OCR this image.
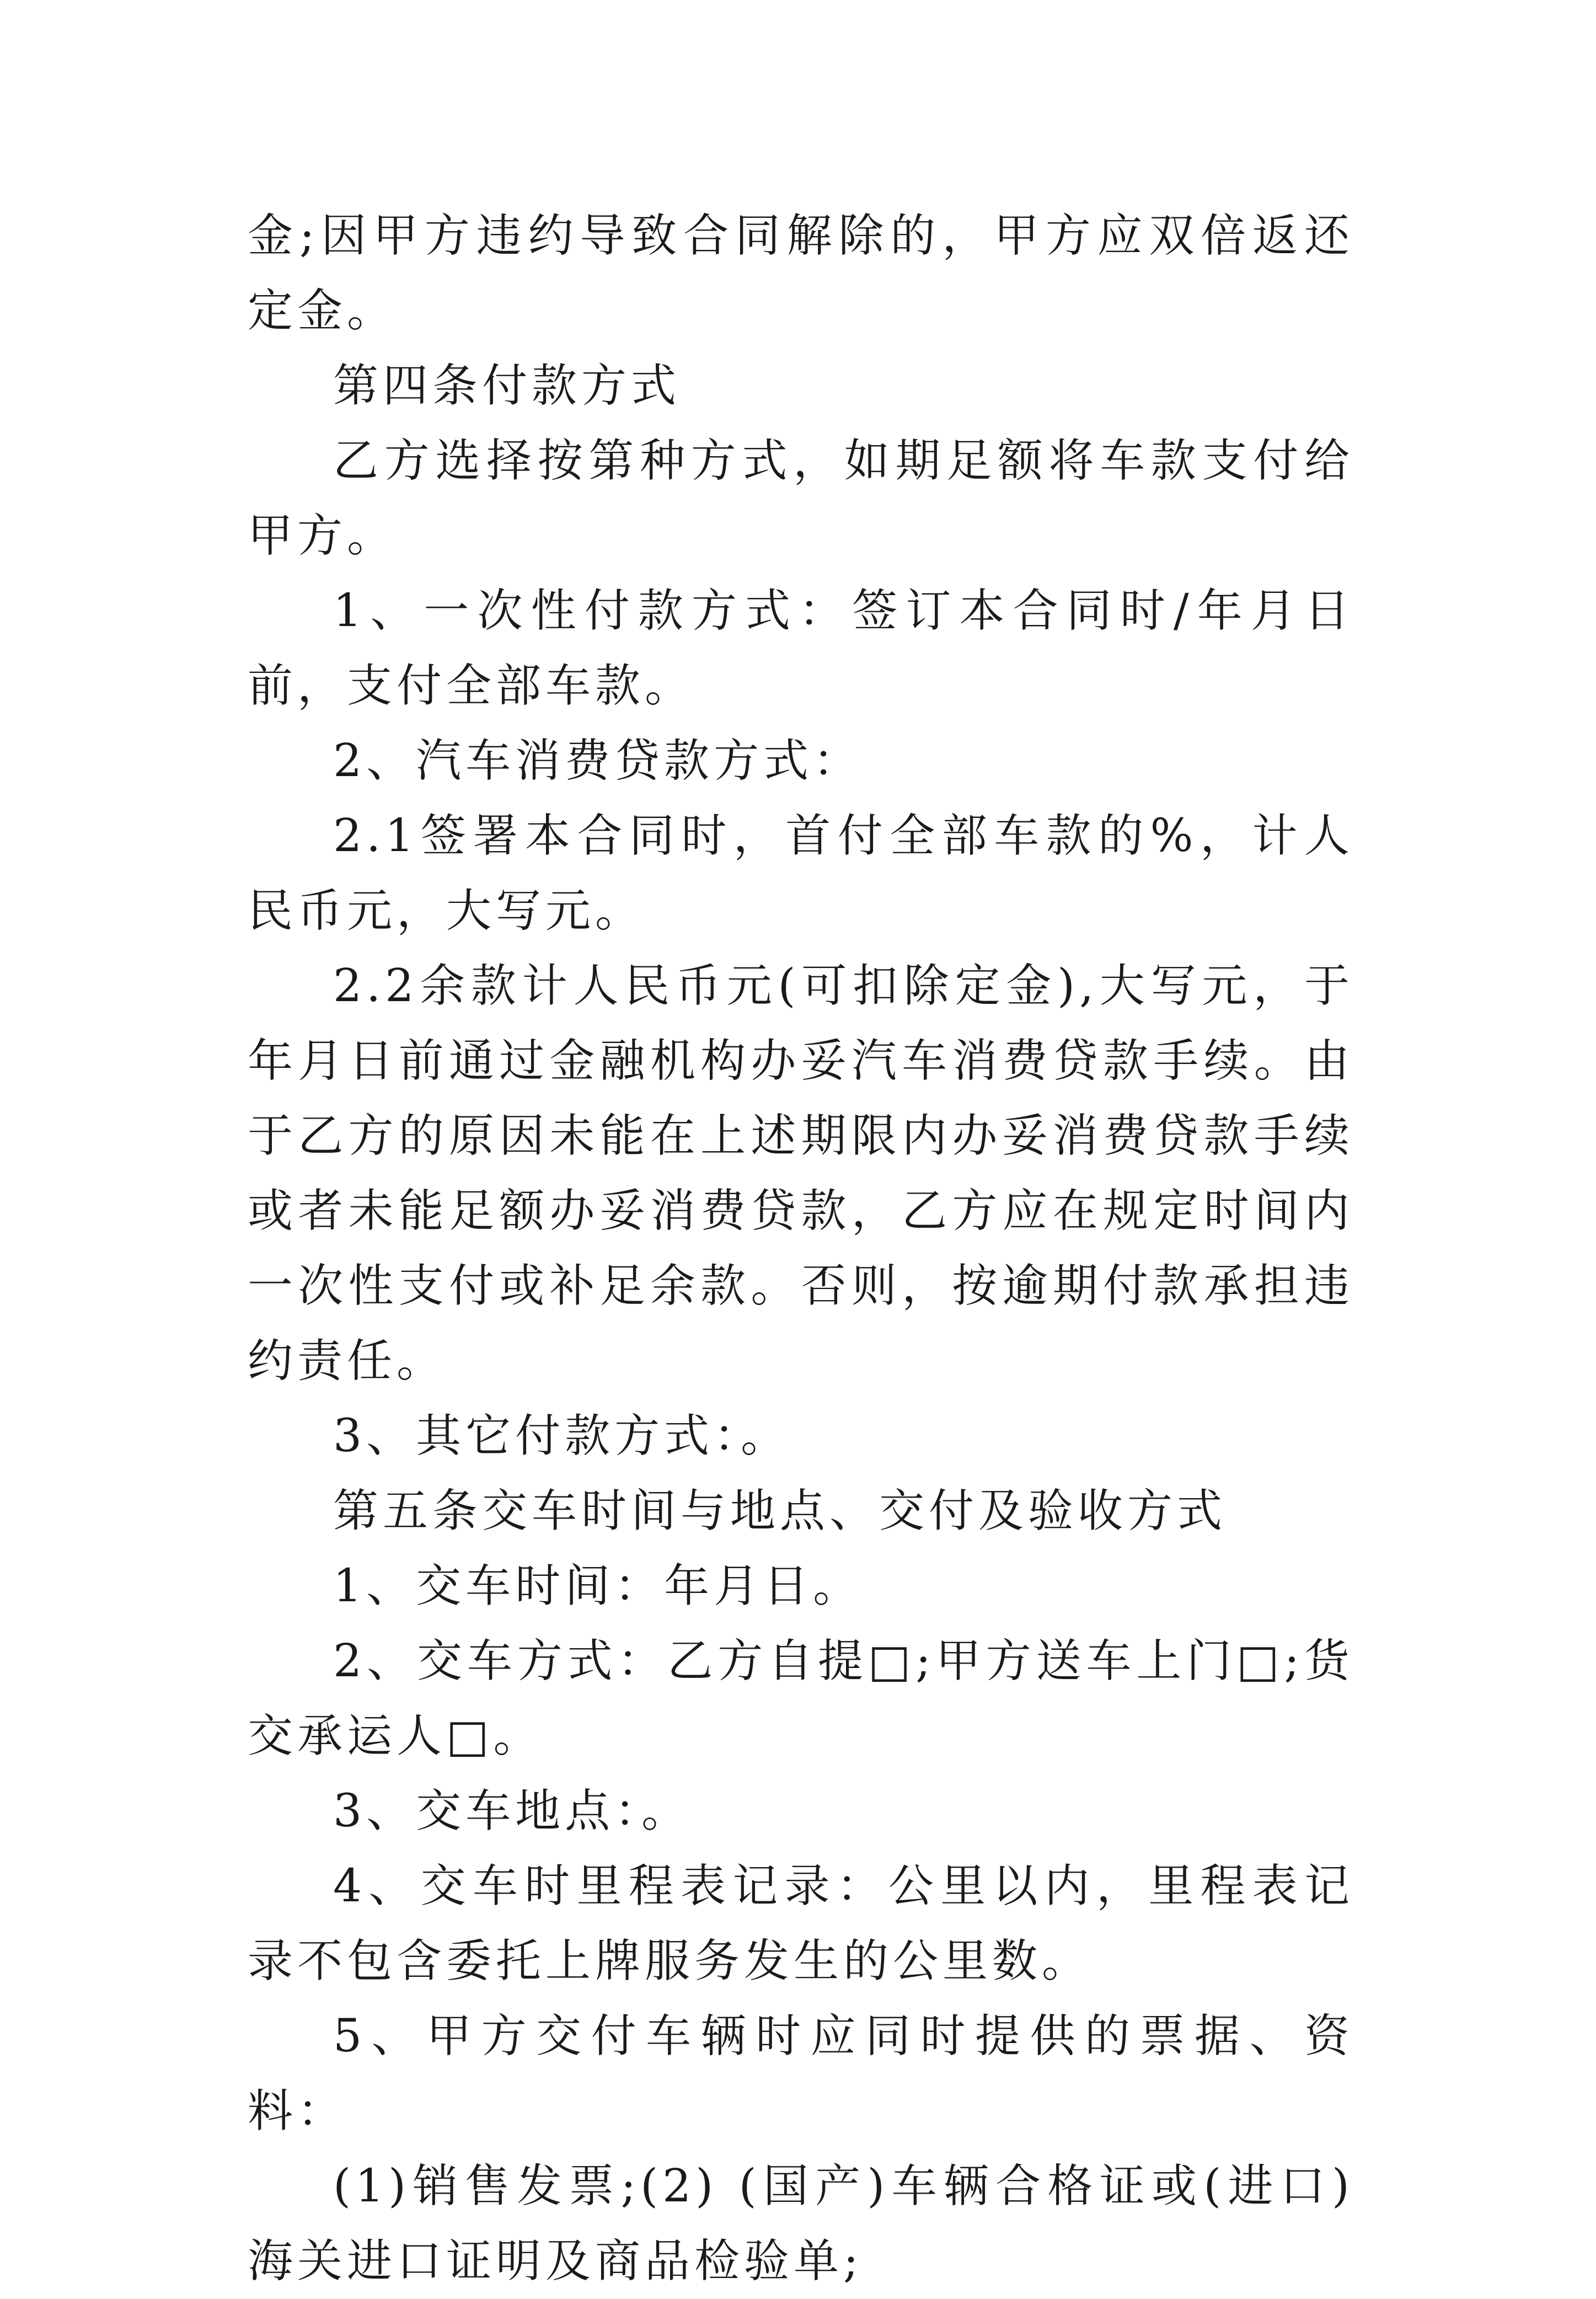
金;因甲方违约导致合同解除的，甲方应双倍返还定金。

第四条付款方式

乙方选择按第种方式，如期足额将车款支付给甲方。

1、一次性付款方式：签订本合同时/年月日前，支付全部车款。

2、汽车消费贷款方式：

2.1签署本合同时，首付全部车款的%，计人民币元，大写元。

2.2余款计人民币元(可扣除定金),大写元，于年月日前通过金融机构办妥汽车消费贷款手续。由于乙方的原因未能在上述期限内办妥消费贷款手续或者未能足额办妥消费贷款，乙方应在规定时间内一次性支付或补足余款。否则，按逾期付款承担违约责任。

3、其它付款方式：。

第五条交车时间与地点、交付及验收方式

1、交车时间：年月日。

2、交车方式：乙方自提□;甲方送车上门□;货交承运人□。

3、交车地点：。

4、交车时里程表记录：公里以内，里程表记录不包含委托上牌服务发生的公里数。

5、甲方交付车辆时应同时提供的票据、资料：

(1)销售发票;(2) (国产)车辆合格证或(进口)海关进口证明及商品检验单;
